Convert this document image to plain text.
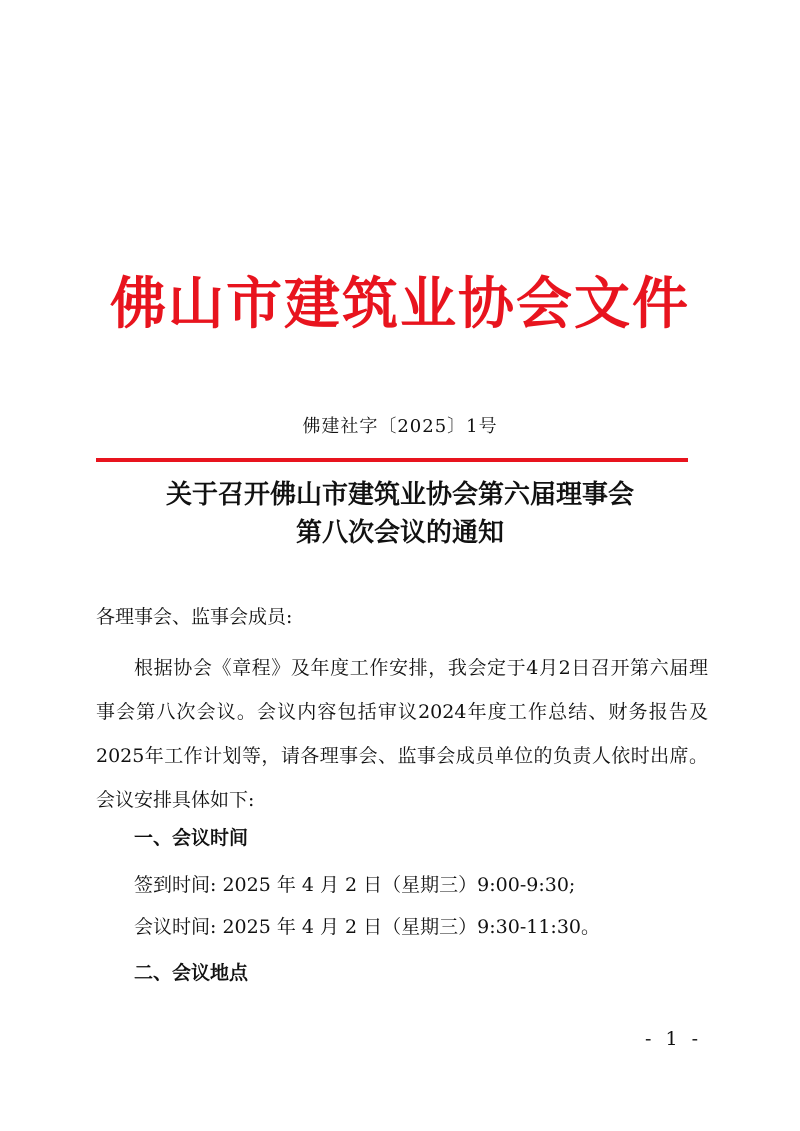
佛山市建筑业协会文件
佛建社字〔2025〕1号
关于召开佛山市建筑业协会第六届理事会
第八次会议的通知
各理事会、监事会成员:
根据协会《章程》及年度工作安排，我会定于4月2日召开第六届理事会第八次会议。会议内容包括审议2024年度工作总结、财务报告及2025年工作计划等，请各理事会、监事会成员单位的负责人依时出席。会议安排具体如下:
一、会议时间
签到时间: 2025 年 4 月 2 日（星期三）9:00-9:30;
会议时间: 2025 年 4 月 2 日（星期三）9:30-11:30。
二、会议地点
- 1 -
